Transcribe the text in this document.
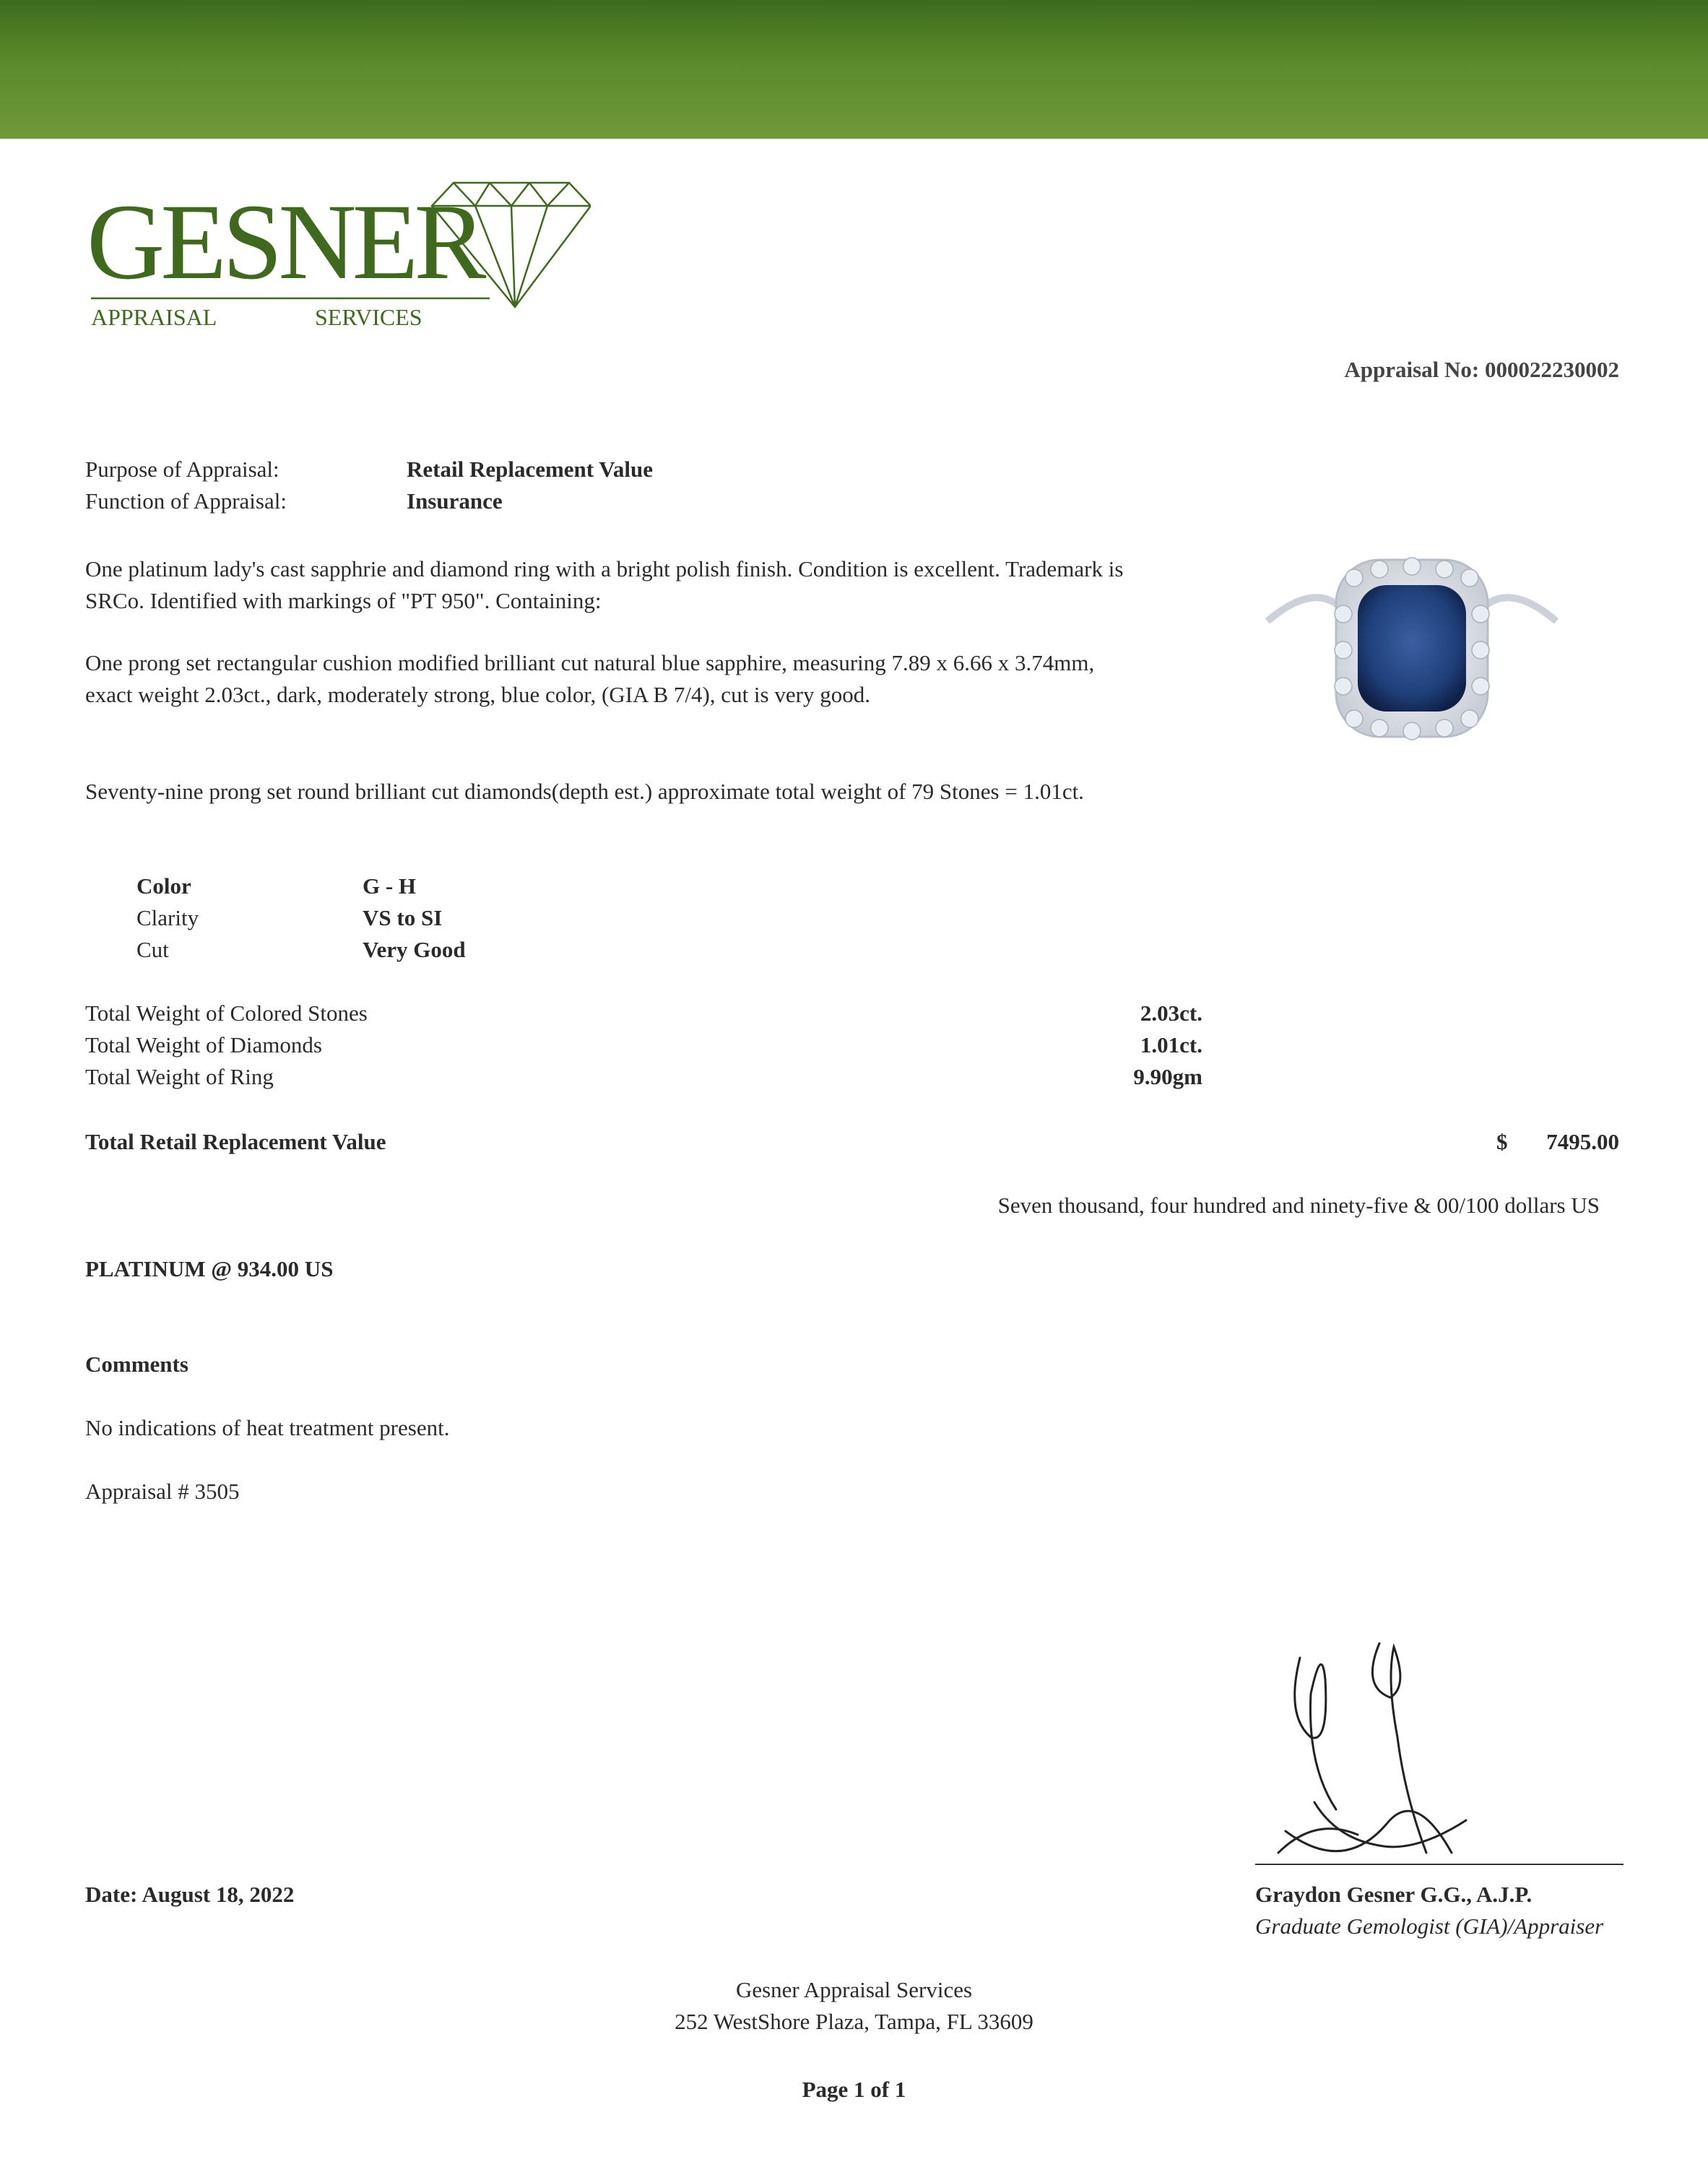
GESNER
APPRAISAL	SERVICES
Appraisal No: 000022230002
Purpose of Appraisal:	Retail Replacement Value
Function of Appraisal:	Insurance
One platinum lady's cast sapphrie and diamond ring with a bright polish finish. Condition is excellent. Trademark is SRCo. Identified with markings of "PT 950". Containing:
One prong set rectangular cushion modified brilliant cut natural blue sapphire, measuring 7.89 x 6.66 x 3.74mm, exact weight 2.03ct., dark, moderately strong, blue color, (GIA B 7/4), cut is very good.
Seventy-nine prong set round brilliant cut diamonds(depth est.) approximate total weight of 79 Stones = 1.01ct.
Color	G - H
Clarity	VS to SI
Cut	Very Good
Total Weight of Colored Stones	2.03ct.
Total Weight of Diamonds	1.01ct.
Total Weight of Ring	9.90gm
Total Retail Replacement Value	$ 7495.00
Seven thousand, four hundred and ninety-five & 00/100 dollars US
PLATINUM @ 934.00 US
Comments
No indications of heat treatment present.
Appraisal # 3505
Date: August 18, 2022	Graydon Gesner G.G., A.J.P.
Graduate Gemologist (GIA)/Appraiser
Gesner Appraisal Services
252 WestShore Plaza, Tampa, FL 33609
Page 1 of 1
